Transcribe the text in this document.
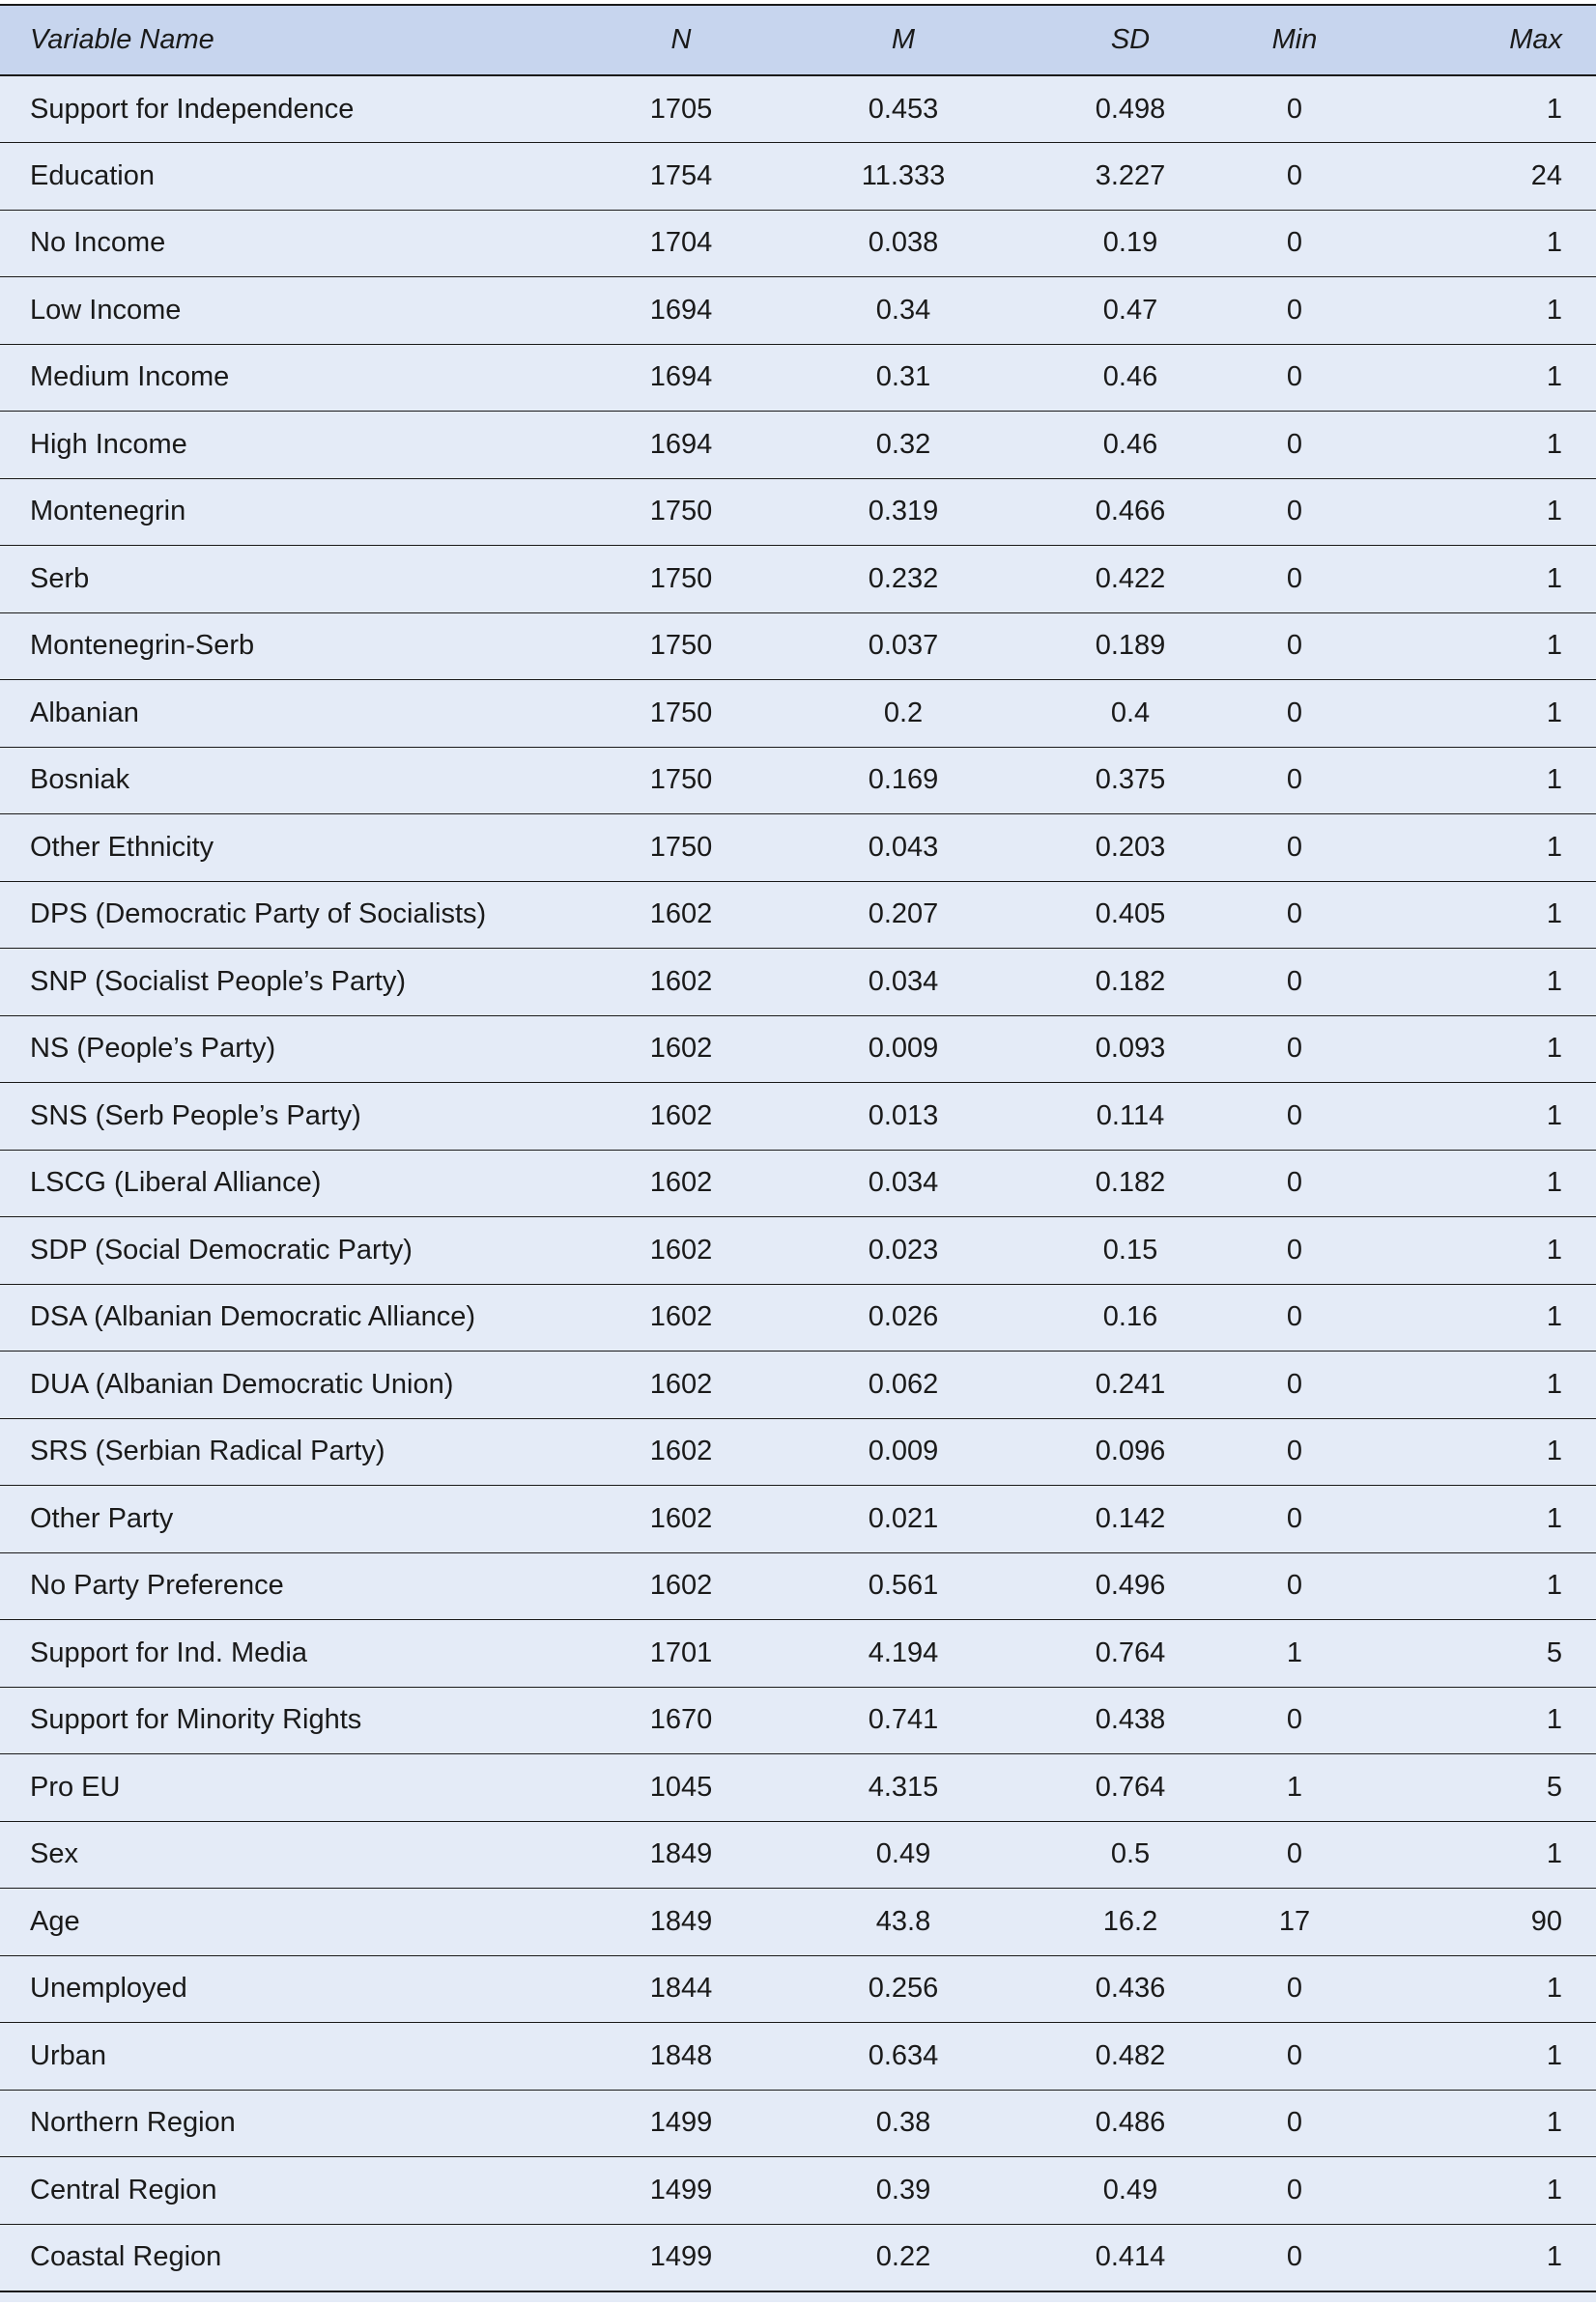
Variable Name	N	M	SD	Min	Max
Support for Independence	1705	0.453	0.498	0	1
Education	1754	11.333	3.227	0	24
No Income	1704	0.038	0.19	0	1
Low Income	1694	0.34	0.47	0	1
Medium Income	1694	0.31	0.46	0	1
High Income	1694	0.32	0.46	0	1
Montenegrin	1750	0.319	0.466	0	1
Serb	1750	0.232	0.422	0	1
Montenegrin-Serb	1750	0.037	0.189	0	1
Albanian	1750	0.2	0.4	0	1
Bosniak	1750	0.169	0.375	0	1
Other Ethnicity	1750	0.043	0.203	0	1
DPS (Democratic Party of Socialists)	1602	0.207	0.405	0	1
SNP (Socialist People’s Party)	1602	0.034	0.182	0	1
NS (People’s Party)	1602	0.009	0.093	0	1
SNS (Serb People’s Party)	1602	0.013	0.114	0	1
LSCG (Liberal Alliance)	1602	0.034	0.182	0	1
SDP (Social Democratic Party)	1602	0.023	0.15	0	1
DSA (Albanian Democratic Alliance)	1602	0.026	0.16	0	1
DUA (Albanian Democratic Union)	1602	0.062	0.241	0	1
SRS (Serbian Radical Party)	1602	0.009	0.096	0	1
Other Party	1602	0.021	0.142	0	1
No Party Preference	1602	0.561	0.496	0	1
Support for Ind. Media	1701	4.194	0.764	1	5
Support for Minority Rights	1670	0.741	0.438	0	1
Pro EU	1045	4.315	0.764	1	5
Sex	1849	0.49	0.5	0	1
Age	1849	43.8	16.2	17	90
Unemployed	1844	0.256	0.436	0	1
Urban	1848	0.634	0.482	0	1
Northern Region	1499	0.38	0.486	0	1
Central Region	1499	0.39	0.49	0	1
Coastal Region	1499	0.22	0.414	0	1
